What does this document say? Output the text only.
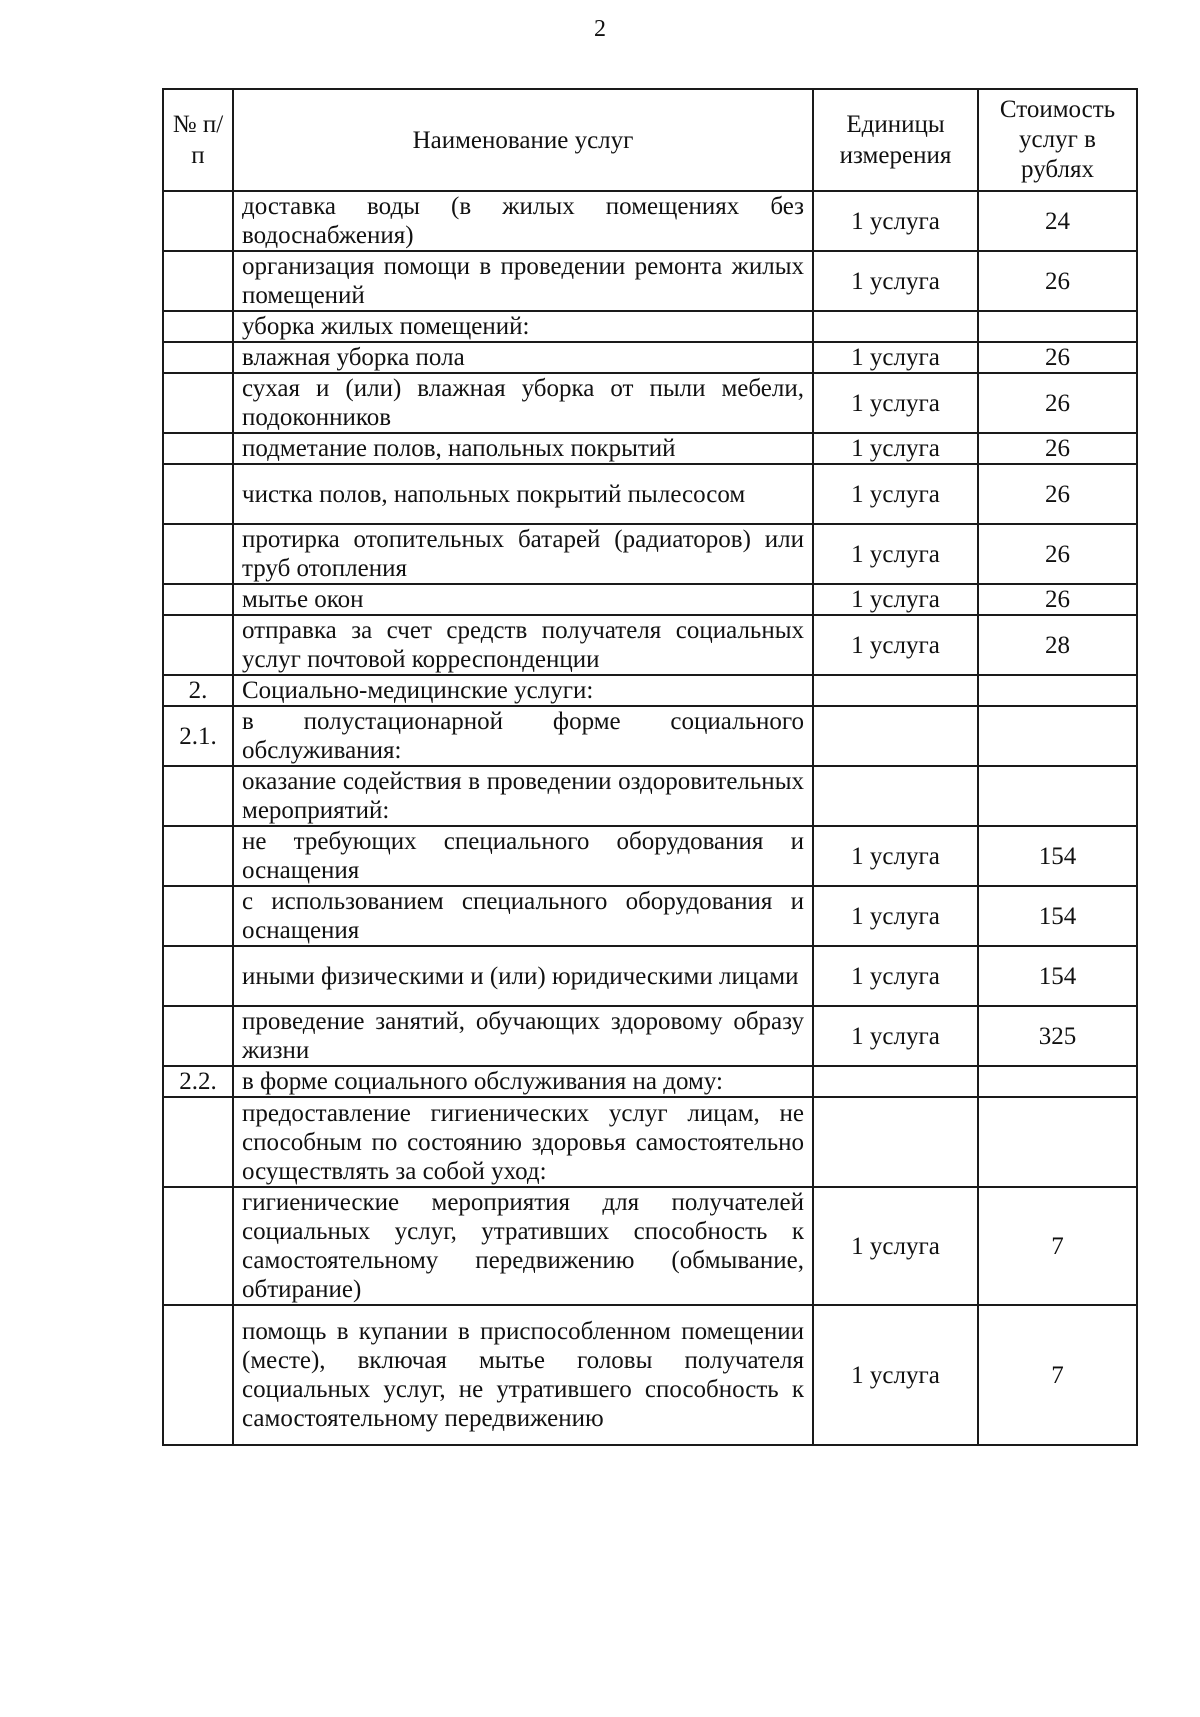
2
№ п/п	Наименование услуг	Единицы измерения	Стоимость услуг в рублях
	доставка воды (в жилых помещениях без водоснабжения)	1 услуга	24
	организация помощи в проведении ремонта жилых помещений	1 услуга	26
	уборка жилых помещений:		
	влажная уборка пола	1 услуга	26
	сухая и (или) влажная уборка от пыли мебели, подоконников	1 услуга	26
	подметание полов, напольных покрытий	1 услуга	26
	чистка полов, напольных покрытий пылесосом	1 услуга	26
	протирка отопительных батарей (радиаторов) или труб отопления	1 услуга	26
	мытье окон	1 услуга	26
	отправка за счет средств получателя социальных услуг почтовой корреспонденции	1 услуга	28
2.	Социально-медицинские услуги:		
2.1.	в полустационарной форме социального обслуживания:		
	оказание содействия в проведении оздоровительных мероприятий:		
	не требующих специального оборудования и оснащения	1 услуга	154
	с использованием специального оборудования и оснащения	1 услуга	154
	иными физическими и (или) юридическими лицами	1 услуга	154
	проведение занятий, обучающих здоровому образу жизни	1 услуга	325
2.2.	в форме социального обслуживания на дому:		
	предоставление гигиенических услуг лицам, не способным по состоянию здоровья самостоятельно осуществлять за собой уход:		
	гигиенические мероприятия для получателей социальных услуг, утративших способность к самостоятельному передвижению (обмывание, обтирание)	1 услуга	7
	помощь в купании в приспособленном помещении (месте), включая мытье головы получателя социальных услуг, не утратившего способность к самостоятельному передвижению	1 услуга	7
